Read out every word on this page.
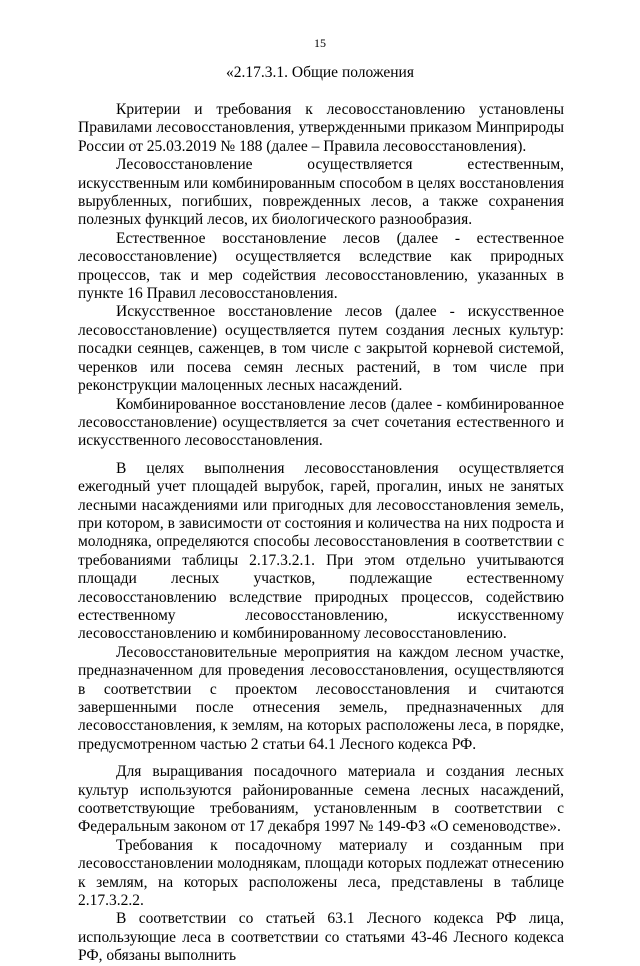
15
«2.17.3.1. Общие положения

Критерии и требования к лесовосстановлению установлены Правилами лесовосстановления, утвержденными приказом Минприроды России от 25.03.2019 № 188 (далее – Правила лесовосстановления).

Лесовосстановление осуществляется естественным, искусственным или комбинированным способом в целях восстановления вырубленных, погибших, поврежденных лесов, а также сохранения полезных функций лесов, их биологического разнообразия.

Естественное восстановление лесов (далее - естественное лесовосстановление) осуществляется вследствие как природных процессов, так и мер содействия лесовосстановлению, указанных в пункте 16 Правил лесовосстановления.

Искусственное восстановление лесов (далее - искусственное лесовосстановление) осуществляется путем создания лесных культур: посадки сеянцев, саженцев, в том числе с закрытой корневой системой, черенков или посева семян лесных растений, в том числе при реконструкции малоценных лесных насаждений.

Комбинированное восстановление лесов (далее - комбинированное лесовосстановление) осуществляется за счет сочетания естественного и искусственного лесовосстановления.

В целях выполнения лесовосстановления осуществляется ежегодный учет площадей вырубок, гарей, прогалин, иных не занятых лесными насаждениями или пригодных для лесовосстановления земель, при котором, в зависимости от состояния и количества на них подроста и молодняка, определяются способы лесовосстановления в соответствии с требованиями таблицы 2.17.3.2.1. При этом отдельно учитываются площади лесных участков, подлежащие естественному лесовосстановлению вследствие природных процессов, содействию естественному лесовосстановлению, искусственному лесовосстановлению и комбинированному лесовосстановлению.

Лесовосстановительные мероприятия на каждом лесном участке, предназначенном для проведения лесовосстановления, осуществляются в соответствии с проектом лесовосстановления и считаются завершенными после отнесения земель, предназначенных для лесовосстановления, к землям, на которых расположены леса, в порядке, предусмотренном частью 2 статьи 64.1 Лесного кодекса РФ.

Для выращивания посадочного материала и создания лесных культур используются районированные семена лесных насаждений, соответствующие требованиям, установленным в соответствии с Федеральным законом от 17 декабря 1997 № 149-ФЗ «О семеноводстве».

Требования к посадочному материалу и созданным при лесовосстановлении молоднякам, площади которых подлежат отнесению к землям, на которых расположены леса, представлены в таблице 2.17.3.2.2.

В соответствии со статьей 63.1 Лесного кодекса РФ лица, использующие леса в соответствии со статьями 43-46 Лесного кодекса РФ, обязаны выполнить
